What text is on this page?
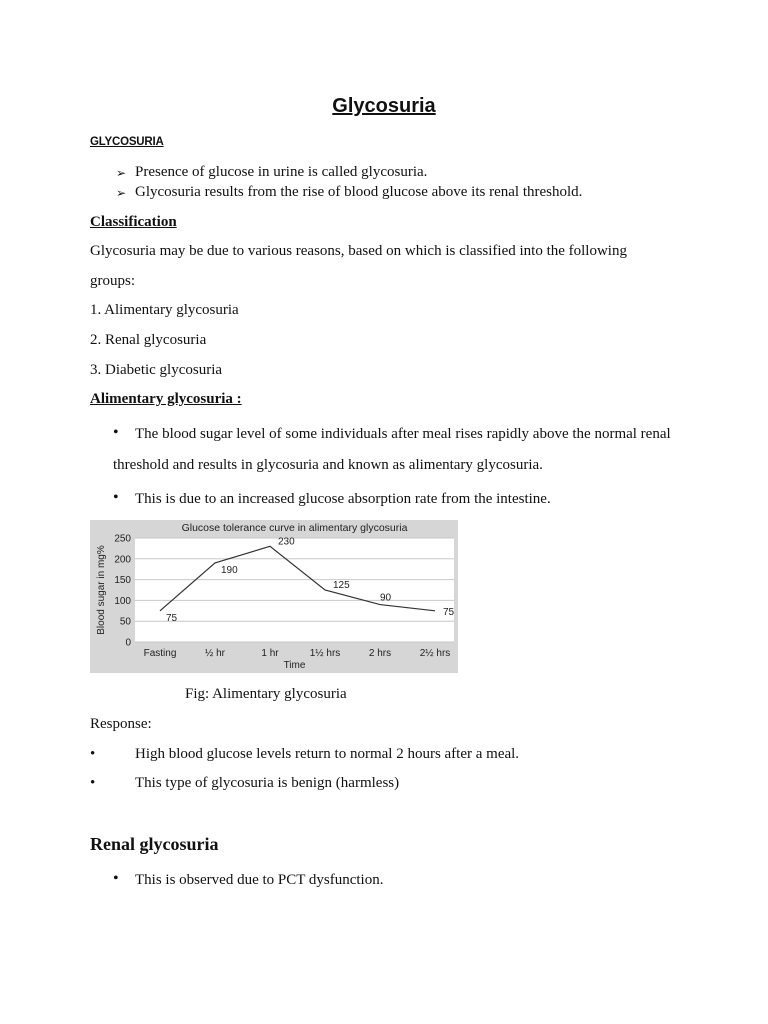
Glycosuria
GLYCOSURIA
➢ Presence of glucose in urine is called glycosuria.
➢ Glycosuria results from the rise of blood glucose above its renal threshold.
Classification
Glycosuria may be due to various reasons, based on which is classified into the following
groups:
1. Alimentary glycosuria
2. Renal glycosuria
3. Diabetic glycosuria
Alimentary glycosuria :
• The blood sugar level of some individuals after meal rises rapidly above the normal renal
threshold and results in glycosuria and known as alimentary glycosuria.
• This is due to an increased glucose absorption rate from the intestine.
0
50
100
150
200
250
Fasting	½ hr	1 hr	1½ hrs	2 hrs	2½ hrs
Glucose tolerance curve in alimentary glycosuria
Time
Blood sugar in mg%	75
190
230
125
90
75
Fig: Alimentary glycosuria
Response:
•	High blood glucose levels return to normal 2 hours after a meal.
•	This type of glycosuria is benign (harmless)
Renal glycosuria
• This is observed due to PCT dysfunction.
